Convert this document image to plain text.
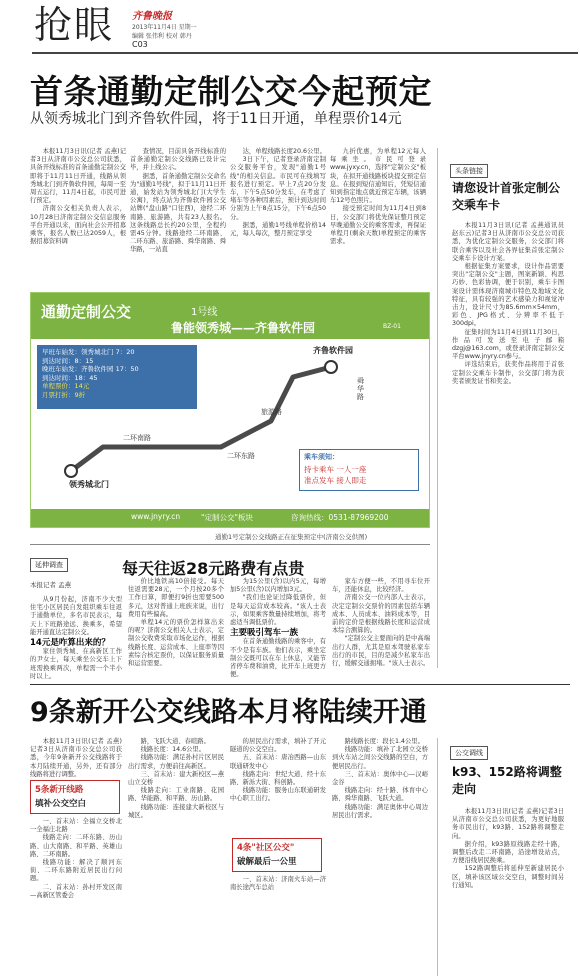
抢眼 齐鲁晚报
2013年11月4日 星期一
编辑 张伟利 校对 韩丹
C03
首条通勤定制公交今起预定
从领秀城北门到齐鲁软件园，将于11日开通，单程票价14元

本报11月3日讯(记者 孟燕)记者3日从济南市公交总公司获悉，具备开线标准的首条通勤定制公交即将于11月11日开通，线路从领秀城北门到齐鲁软件园，每周一至周五运行，11月4日起，市民可进行预定。

济南公交相关负责人表示，10月28日济南定制公交信息服务平台开通以来，面向社会公开招募乘客，报名人数已达2059人，根据招募资料调

查情况，目前具备开线标准的首条通勤定制公交线路已设计完毕，并上线公示。

据悉，首条通勤定制公交命名为"通勤1号线"，拟于11月11日开通，始发站为领秀城北门(大学生公寓)，终点站为齐鲁软件园公交站牌("盘山路"口往西)，途经二环南路、旅游路，共有23人报名。这条线路总长约20公里，全程约需45分钟。线路途经二环南路、二环东路、旅游路、舜华南路、舜华路，一站直

达，单程线路长度20.6公里。

3日下午，记者登录济南定制公交服务平台，发现"通勤1号线"的相关信息。市民可在线填写报名进行预定。早上7点20分发车，下午5点50分发车，在考虑了堵车等各种因素后，预计到达时间分别为上午8点15分，下午6点50分。

据悉，通勤1号线单程价格14元，每人每次，整月预定享受

九折优惠，为单程12元每人每乘坐。市民可登录www.jyxy.cn，选择"定制公交"板块，在拟开通线路板块提交预定信息。在报到短信通知后，凭短信通知到指定地点就近预定车辆，该辆车12号色照片。

接受预定时间为11月4日到8日，公交部门将优先保证整月预定早晚通勤公交的乘客需求，再保证单程月(剩余天数)单程预定的乘客需求。

通勤定制公交	1号线
鲁能领秀城——齐鲁软件园	BZ-01
早班车始发：领秀城北门 7：20
到达时间：8：15
晚班车始发：齐鲁软件园 17：50
到达时间：18：45
单程票价：14元
月票打折：9折
齐鲁软件园
领秀城北门
二环南路
二环东路
旅游路
舜华路
乘车须知：
持卡乘车 一人一座
准点发车 接人即走
www.jnyry.cn	"定制公交"板块	咨询热线：0531-87969200
通勤1号定制公交线路正在征集预定中(济南公交供图)
头条链接
请您设计首张定制公交乘车卡

本报11月3日讯(记者 孟燕通讯员 赵东云)记者3日从济南市公交总公司获悉，为优化定制公交服务，公交部门将联合乘客以及社会各界征集首张定制公交乘车卡设计方案。

根据征集方案要求，设计作品需要突出"定制公交"主题，图案新颖、构思巧妙、色彩协调，便于识别，乘车卡图案设计需体现济南城市特色及地域文化特征，具有较强的艺术感染力和视觉冲击力，设计尺寸为85.6mm×54mm，彩色、JPG格式、分辨率不低于300dpi。

征集时间为11月4日到11月30日，作品可发送至电子邮箱dzgj@163.com，或登录济南定制公交平台www.jnyry.cn参与。

评选结束后，获奖作品将用于首张定制公交乘车卡制作，公交部门将为获奖者颁发证书和奖金。

延伸调查	每天往返28元路费有点贵
本报记者 孟燕

从9月份起，济南不少大型住宅小区居民自发组织乘车往返于通勤单位，多名市民表示，每天上下班路途远、换乘多，希望能开通直达定制公交。

14元是咋算出来的？

家住领秀城、在高新区工作的尹女士，每天乘坐公交车上下班需换乘两次，单程需一个半小时以上。

价比地铁高10倍接受。每天往返需要28元，一个月按20多个工作日算，即便打9折也需要500多元，这对普通上班族来说，出行费用有些偏高。

单程14元的票价怎样算出来的呢？济南公交相关人士表示，定制公交收费采取市场化运作，根据线路长度、运营成本、上座率等因素综合核定票价，以保证服务质量和运营需要。

为15公里(含)以内5元，每增加5公里(含)以内增加3元。

"我们也论证过降低票价，但是每天运营成本较高。"该人士表示，如果乘客数量持续增加，将考虑适当调低票价。

主要吸引驾车一族

在首条通勤线路的乘客中，有不少是有车族。他们表示，乘坐定制公交既可以在车上休息，又能节省停车费和油费，比开车上班更方便。

家车方便一些，不用寻车位开车，还能休息，比较经济。

济南公交一位内部人士表示，决定定制公交票价的因素包括车辆成本、人员成本、油料成本等，目前的定价是根据线路长度和运营成本综合测算的。

"定制公交主要面向的是中高端出行人群，尤其是原本驾驶私家车出行的市民，目的是减少私家车出行，缓解交通拥堵。"该人士表示。

9条新开公交线路本月将陆续开通

本报11月3日讯(记者 孟燕)记者3日从济南市公交总公司获悉，今年9条新开公交线路将于本月陆续开通，另外，还有部分线路将进行调整。

5条新开线路
填补公交空白

一、首末站：全福立交桥北一全福庄北路

线路走向：二环东路、历山路、山大南路、和平路、英雄山路、二环南路。

线路功能：解决了顺河东街、二环东路附近居民出行问题。

二、首末站：孙村开发区南—高新区管委会

路，飞跃大道、春暄路。

线路长度：14.6公里。

线路功能：满足孙村片区居民出行需求，方便前往高新区。

三、首末站：建大新校区—燕山立交桥

线路走向：工业南路、花园路、华能路、和平路、历山路。

线路功能：连接建大新校区与城区。

的居民出行需求，填补了开元隧道的公交空白。

五、首末站：唐冶西路—山东联通研发中心

线路走向：世纪大道、经十东路、新泺大街、科创路。

线路功能：服务山东联通研发中心职工出行。

4条"社区公交"
破解最后一公里

一、首末站：济南火车站—济南长途汽车总站

路线路长度：段长1.4公里。

线路功能：填补了北园立交桥到火车站之间公交线路的空白，方便居民出行。

三、首末站：奥体中心—汉峪金谷

线路走向：经十路、体育中心路、舜华南路、飞跃大道。

线路功能：满足奥体中心周边居民出行需求。

公交调线
k93、152路将调整走向

本报11月3日讯(记者 孟燕)记者3日从济南市公交总公司获悉，为更好地服务市民出行，k93路、152路将调整走向。

据介绍，k93路原线路走经十路，调整后改走二环南路，沿途增设站点，方便沿线居民换乘。

152路调整后将延伸至新建居民小区，填补该区域公交空白，调整时间另行通知。
